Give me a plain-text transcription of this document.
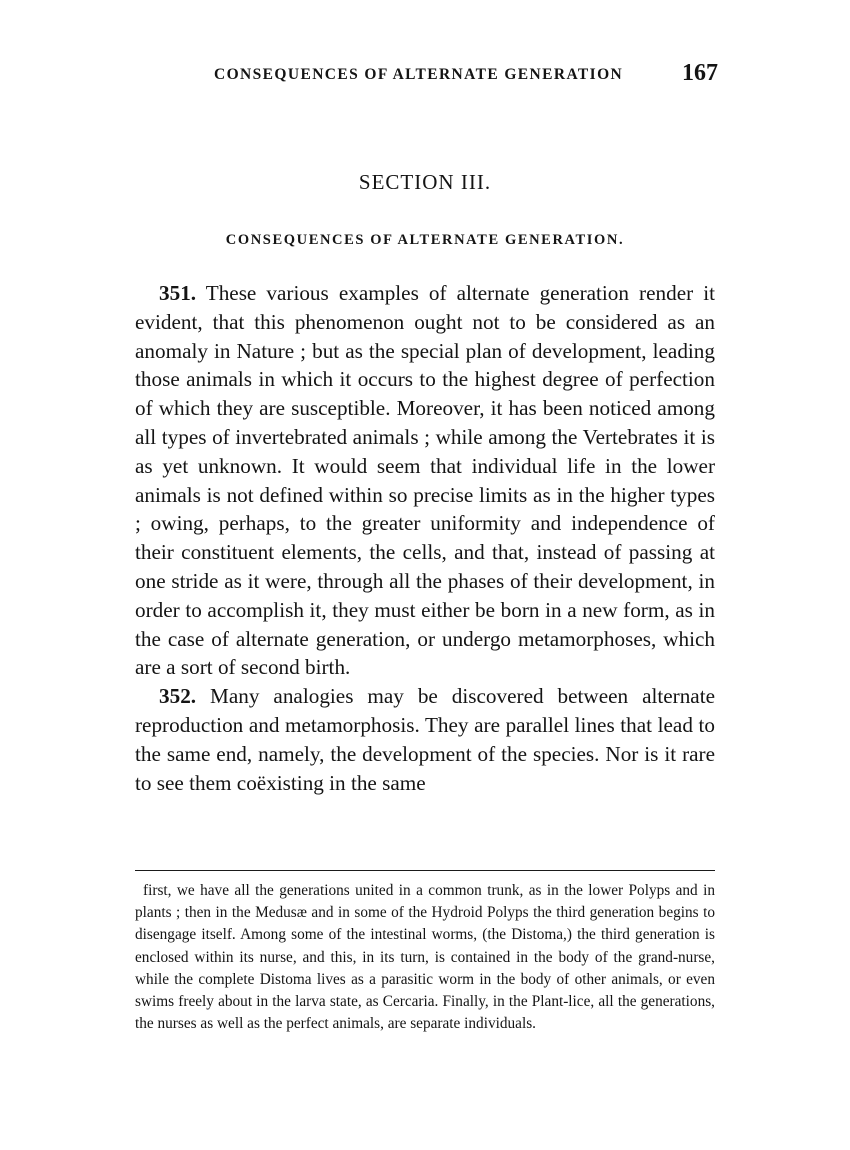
CONSEQUENCES OF ALTERNATE GENERATION 167
SECTION III.
CONSEQUENCES OF ALTERNATE GENERATION.

351. These various examples of alternate generation render it evident, that this phenomenon ought not to be considered as an anomaly in Nature ; but as the special plan of development, leading those animals in which it occurs to the highest degree of perfection of which they are susceptible. Moreover, it has been noticed among all types of invertebrated animals ; while among the Vertebrates it is as yet unknown. It would seem that individual life in the lower animals is not defined within so precise limits as in the higher types ; owing, perhaps, to the greater uniformity and independence of their constituent elements, the cells, and that, instead of passing at one stride as it were, through all the phases of their development, in order to accomplish it, they must either be born in a new form, as in the case of alternate generation, or undergo metamorphoses, which are a sort of second birth.

352. Many analogies may be discovered between alternate reproduction and metamorphosis. They are parallel lines that lead to the same end, namely, the development of the species. Nor is it rare to see them coëxisting in the same

first, we have all the generations united in a common trunk, as in the lower Polyps and in plants ; then in the Medusæ and in some of the Hydroid Polyps the third generation begins to disengage itself. Among some of the intestinal worms, (the Distoma,) the third generation is enclosed within its nurse, and this, in its turn, is contained in the body of the grand-nurse, while the complete Distoma lives as a parasitic worm in the body of other animals, or even swims freely about in the larva state, as Cercaria. Finally, in the Plant-lice, all the generations, the nurses as well as the perfect animals, are separate individuals.
